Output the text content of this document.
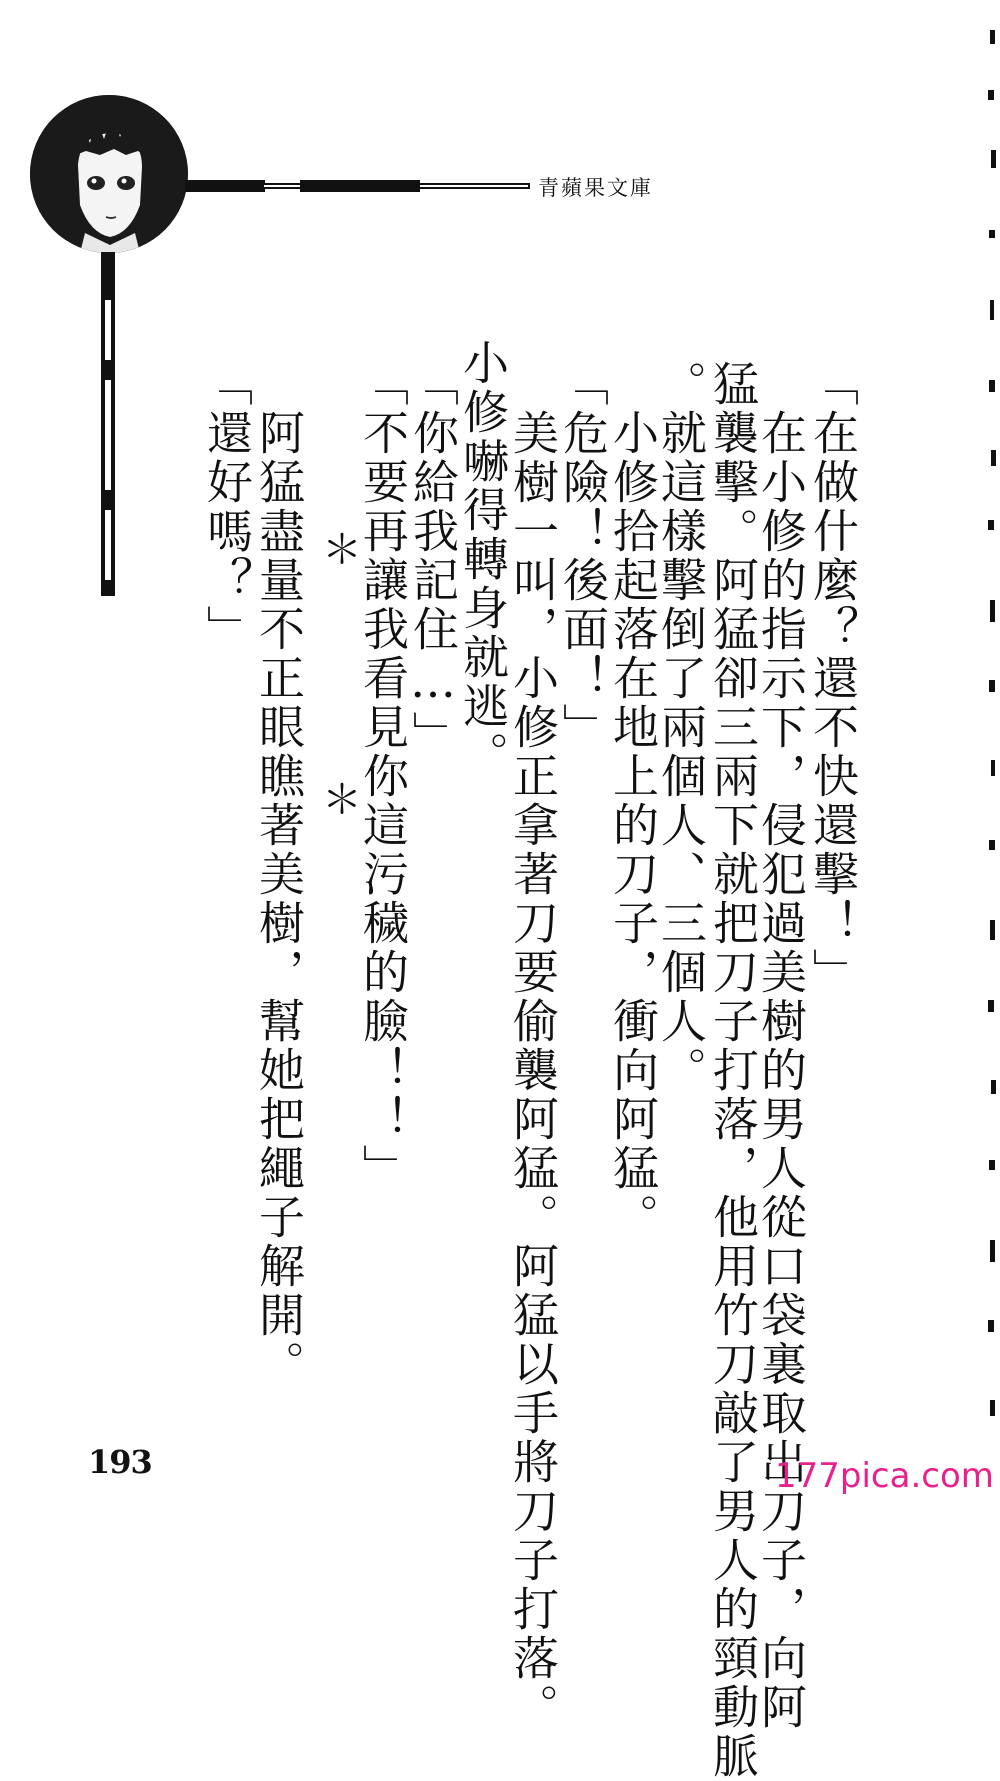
青蘋果文庫
「在做什麼？還不快還擊！」
　在小修的指示下，侵犯過美樹的男人從口袋裏取出刀子，向阿
猛襲擊。阿猛卻三兩下就把刀子打落，他用竹刀敲了男人的頸動脈
。就這樣擊倒了兩個人、三個人。
　小修拾起落在地上的刀子，衝向阿猛。
「危險！後面！」
　美樹一叫，小修正拿著刀要偷襲阿猛。阿猛以手將刀子打落。
　小修嚇得轉身就逃。
「你給我記住…」
「不要再讓我看見你這污穢的臉！！」
　阿猛盡量不正眼瞧著美樹，幫她把繩子解開。
「還好嗎？」 ＊
＊
193	177pica.com
